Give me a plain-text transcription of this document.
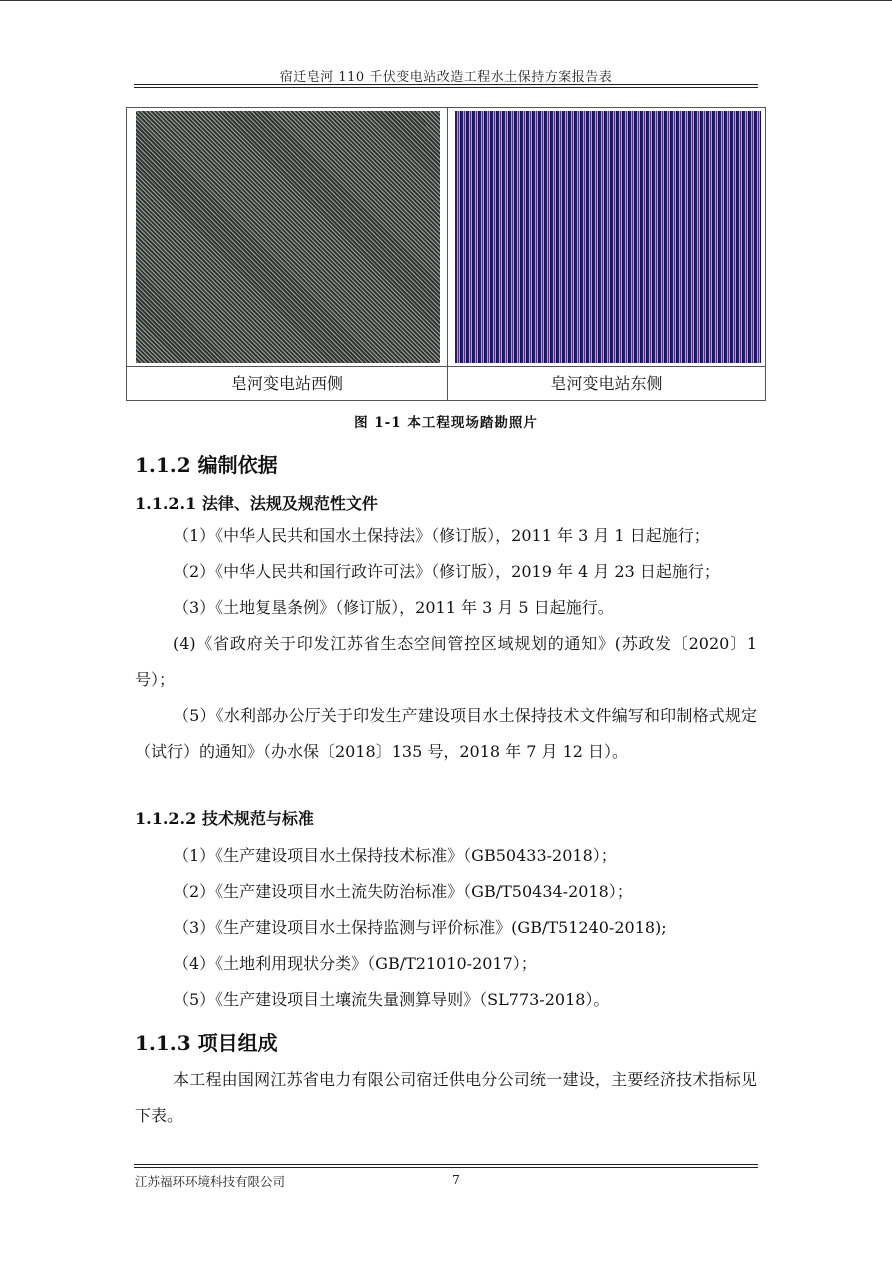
宿迁皂河 110 千伏变电站改造工程水土保持方案报告表
皂河变电站西侧	皂河变电站东侧
图 1-1 本工程现场踏勘照片
1.1.2 编制依据
1.1.2.1 法律、法规及规范性文件
（1）《中华人民共和国水土保持法》（修订版），2011 年 3 月 1 日起施行；
（2）《中华人民共和国行政许可法》（修订版），2019 年 4 月 23 日起施行；
（3）《土地复垦条例》（修订版），2011 年 3 月 5 日起施行。
(4)《省政府关于印发江苏省生态空间管控区域规划的通知》(苏政发〔2020〕1 号）；
（5）《水利部办公厅关于印发生产建设项目水土保持技术文件编写和印制格式规定（试行）的通知》（办水保〔2018〕135 号，2018 年 7 月 12 日）。
1.1.2.2 技术规范与标准
（1）《生产建设项目水土保持技术标准》（GB50433-2018）；
（2）《生产建设项目水土流失防治标准》（GB/T50434-2018）；
（3）《生产建设项目水土保持监测与评价标准》(GB/T51240-2018);
（4）《土地利用现状分类》（GB/T21010-2017）；
（5）《生产建设项目土壤流失量测算导则》（SL773-2018）。
1.1.3 项目组成
本工程由国网江苏省电力有限公司宿迁供电分公司统一建设，主要经济技术指标见下表。
江苏福环环境科技有限公司	7
